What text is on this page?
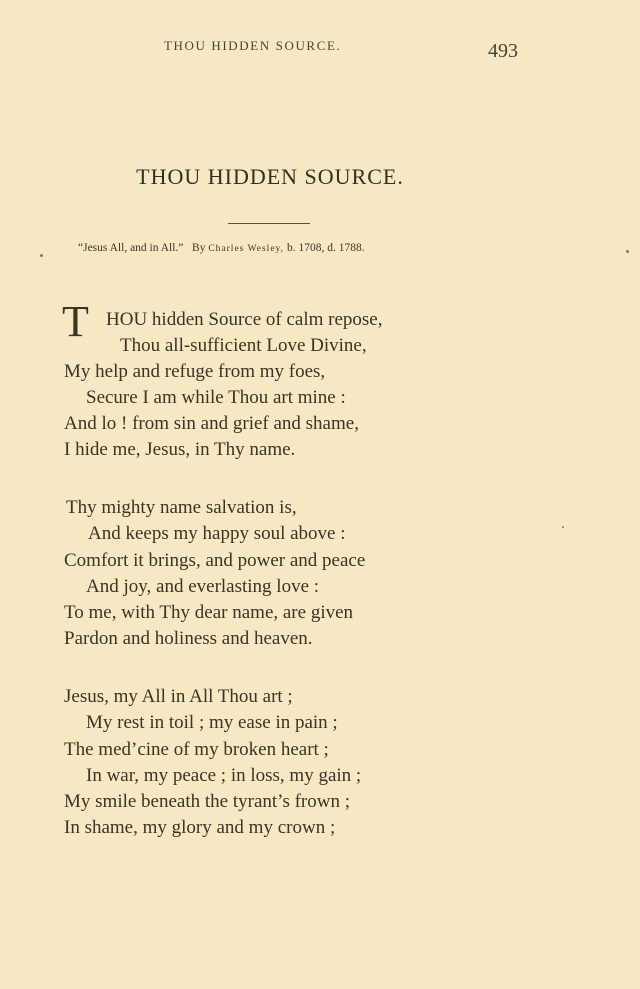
THOU HIDDEN SOURCE.	493
THOU HIDDEN SOURCE.
“Jesus All, and in All.” By Charles Wesley, b. 1708, d. 1788.
T HOU hidden Source of calm repose,
Thou all-sufficient Love Divine,
My help and refuge from my foes,
Secure I am while Thou art mine :
And lo ! from sin and grief and shame,
I hide me, Jesus, in Thy name.
Thy mighty name salvation is,
And keeps my happy soul above :
Comfort it brings, and power and peace
And joy, and everlasting love :
To me, with Thy dear name, are given
Pardon and holiness and heaven.
Jesus, my All in All Thou art ;
My rest in toil ; my ease in pain ;
The med’cine of my broken heart ;
In war, my peace ; in loss, my gain ;
My smile beneath the tyrant’s frown ;
In shame, my glory and my crown ;
